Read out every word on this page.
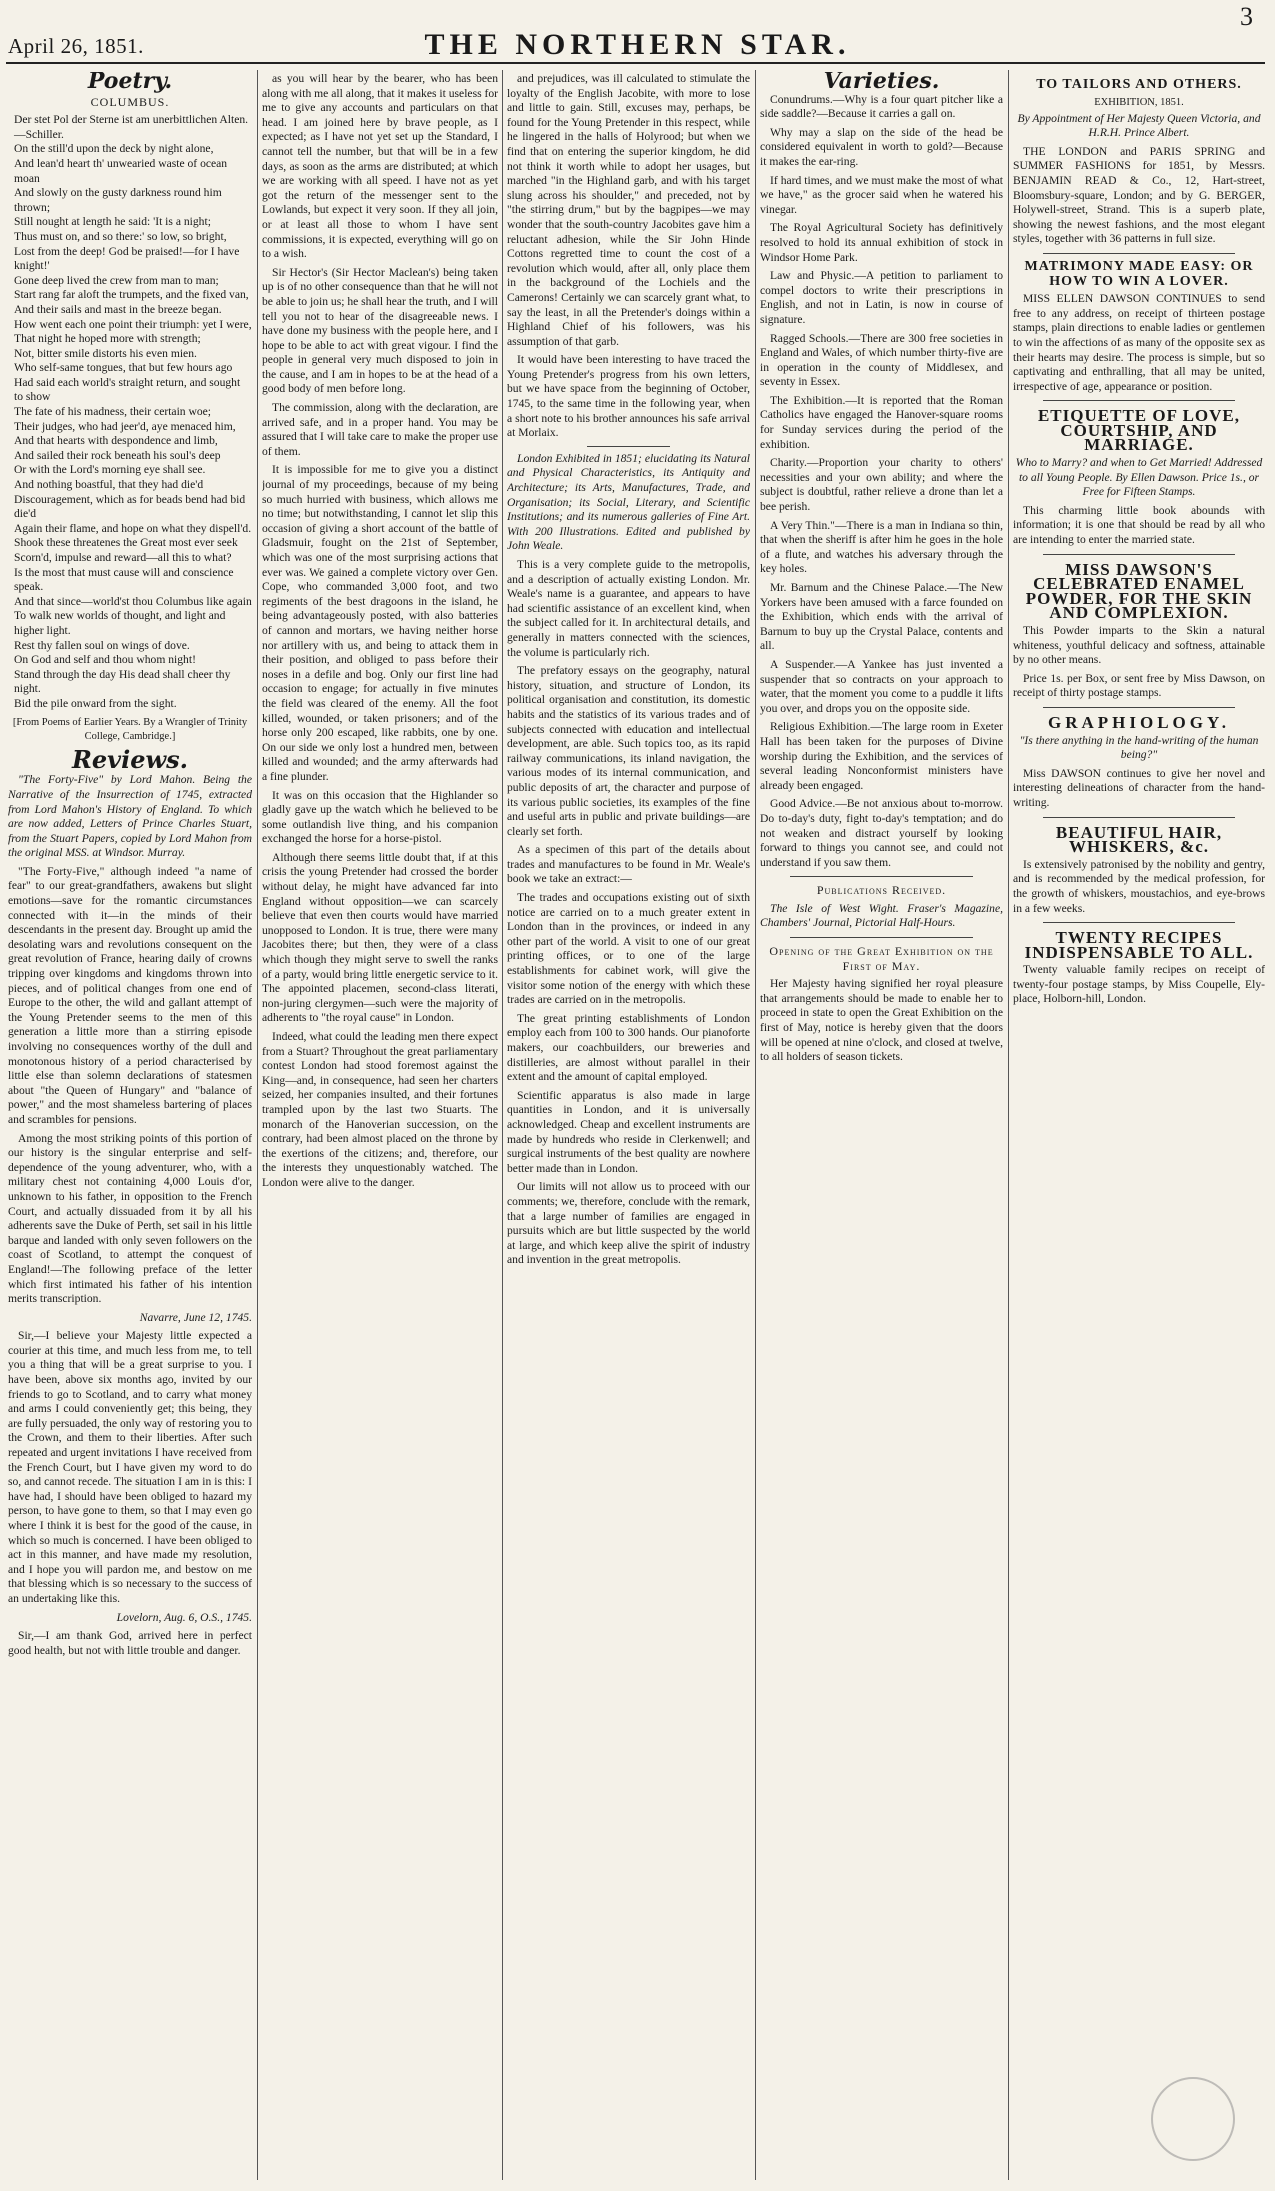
April 26, 1851.	THE NORTHERN STAR.
3
Poetry.
COLUMBUS.

Der stet Pol der Sterne ist am unerbittlichen Alten.—Schiller.

On the still'd upon the deck by night alone,

And lean'd heart th' unwearied waste of ocean moan

And slowly on the gusty darkness round him thrown;

Still nought at length he said: 'It is a night;

Thus must on, and so there:' so low, so bright,

Lost from the deep! God be praised!—for I have knight!'

Gone deep lived the crew from man to man;

Start rang far aloft the trumpets, and the fixed van,

And their sails and mast in the breeze began.

How went each one point their triumph: yet I were,

That night he hoped more with strength;

Not, bitter smile distorts his even mien.

Who self-same tongues, that but few hours ago

Had said each world's straight return, and sought to show

The fate of his madness, their certain woe;

Their judges, who had jeer'd, aye menaced him,

And that hearts with despondence and limb,

And sailed their rock beneath his soul's deep

Or with the Lord's morning eye shall see.

And nothing boastful, that they had die'd

Discouragement, which as for beads bend had bid die'd

Again their flame, and hope on what they dispell'd.

Shook these threatenes the Great most ever seek

Scorn'd, impulse and reward—all this to what?

Is the most that must cause will and conscience speak.

And that since—world'st thou Columbus like again

To walk new worlds of thought, and light and higher light.

Rest thy fallen soul on wings of dove.

On God and self and thou whom night!

Stand through the day His dead shall cheer thy night.

Bid the pile onward from the sight.

[From Poems of Earlier Years. By a Wrangler of Trinity College, Cambridge.]

Reviews.

"The Forty-Five" by Lord Mahon. Being the Narrative of the Insurrection of 1745, extracted from Lord Mahon's History of England. To which are now added, Letters of Prince Charles Stuart, from the Stuart Papers, copied by Lord Mahon from the original MSS. at Windsor. Murray.

"The Forty-Five," although indeed "a name of fear" to our great-grandfathers, awakens but slight emotions—save for the romantic circumstances connected with it—in the minds of their descendants in the present day. Brought up amid the desolating wars and revolutions consequent on the great revolution of France, hearing daily of crowns tripping over kingdoms and kingdoms thrown into pieces, and of political changes from one end of Europe to the other, the wild and gallant attempt of the Young Pretender seems to the men of this generation a little more than a stirring episode involving no consequences worthy of the dull and monotonous history of a period characterised by little else than solemn declarations of statesmen about "the Queen of Hungary" and "balance of power," and the most shameless bartering of places and scrambles for pensions.

Among the most striking points of this portion of our history is the singular enterprise and self-dependence of the young adventurer, who, with a military chest not containing 4,000 Louis d'or, unknown to his father, in opposition to the French Court, and actually dissuaded from it by all his adherents save the Duke of Perth, set sail in his little barque and landed with only seven followers on the coast of Scotland, to attempt the conquest of England!—The following preface of the letter which first intimated his father of his intention merits transcription.

Navarre, June 12, 1745.

Sir,—I believe your Majesty little expected a courier at this time, and much less from me, to tell you a thing that will be a great surprise to you. I have been, above six months ago, invited by our friends to go to Scotland, and to carry what money and arms I could conveniently get; this being, they are fully persuaded, the only way of restoring you to the Crown, and them to their liberties. After such repeated and urgent invitations I have received from the French Court, but I have given my word to do so, and cannot recede. The situation I am in is this: I have had, I should have been obliged to hazard my person, to have gone to them, so that I may even go where I think it is best for the good of the cause, in which so much is concerned. I have been obliged to act in this manner, and have made my resolution, and I hope you will pardon me, and bestow on me that blessing which is so necessary to the success of an undertaking like this.

Lovelorn, Aug. 6, O.S., 1745.

Sir,—I am thank God, arrived here in perfect good health, but not with little trouble and danger.

as you will hear by the bearer, who has been along with me all along, that it makes it useless for me to give any accounts and particulars on that head. I am joined here by brave people, as I expected; as I have not yet set up the Standard, I cannot tell the number, but that will be in a few days, as soon as the arms are distributed; at which we are working with all speed. I have not as yet got the return of the messenger sent to the Lowlands, but expect it very soon. If they all join, or at least all those to whom I have sent commissions, it is expected, everything will go on to a wish.

Sir Hector's (Sir Hector Maclean's) being taken up is of no other consequence than that he will not be able to join us; he shall hear the truth, and I will tell you not to hear of the disagreeable news. I have done my business with the people here, and I hope to be able to act with great vigour. I find the people in general very much disposed to join in the cause, and I am in hopes to be at the head of a good body of men before long.

The commission, along with the declaration, are arrived safe, and in a proper hand. You may be assured that I will take care to make the proper use of them.

It is impossible for me to give you a distinct journal of my proceedings, because of my being so much hurried with business, which allows me no time; but notwithstanding, I cannot let slip this occasion of giving a short account of the battle of Gladsmuir, fought on the 21st of September, which was one of the most surprising actions that ever was. We gained a complete victory over Gen. Cope, who commanded 3,000 foot, and two regiments of the best dragoons in the island, he being advantageously posted, with also batteries of cannon and mortars, we having neither horse nor artillery with us, and being to attack them in their position, and obliged to pass before their noses in a defile and bog. Only our first line had occasion to engage; for actually in five minutes the field was cleared of the enemy. All the foot killed, wounded, or taken prisoners; and of the horse only 200 escaped, like rabbits, one by one. On our side we only lost a hundred men, between killed and wounded; and the army afterwards had a fine plunder.

It was on this occasion that the Highlander so gladly gave up the watch which he believed to be some outlandish live thing, and his companion exchanged the horse for a horse-pistol.

Although there seems little doubt that, if at this crisis the young Pretender had crossed the border without delay, he might have advanced far into England without opposition—we can scarcely believe that even then courts would have married unopposed to London. It is true, there were many Jacobites there; but then, they were of a class which though they might serve to swell the ranks of a party, would bring little energetic service to it. The appointed placemen, second-class literati, non-juring clergymen—such were the majority of adherents to "the royal cause" in London.

Indeed, what could the leading men there expect from a Stuart? Throughout the great parliamentary contest London had stood foremost against the King—and, in consequence, had seen her charters seized, her companies insulted, and their fortunes trampled upon by the last two Stuarts. The monarch of the Hanoverian succession, on the contrary, had been almost placed on the throne by the exertions of the citizens; and, therefore, our the interests they unquestionably watched. The London were alive to the danger.

and prejudices, was ill calculated to stimulate the loyalty of the English Jacobite, with more to lose and little to gain. Still, excuses may, perhaps, be found for the Young Pretender in this respect, while he lingered in the halls of Holyrood; but when we find that on entering the superior kingdom, he did not think it worth while to adopt her usages, but marched "in the Highland garb, and with his target slung across his shoulder," and preceded, not by "the stirring drum," but by the bagpipes—we may wonder that the south-country Jacobites gave him a reluctant adhesion, while the Sir John Hinde Cottons regretted time to count the cost of a revolution which would, after all, only place them in the background of the Lochiels and the Camerons! Certainly we can scarcely grant what, to say the least, in all the Pretender's doings within a Highland Chief of his followers, was his assumption of that garb.

It would have been interesting to have traced the Young Pretender's progress from his own letters, but we have space from the beginning of October, 1745, to the same time in the following year, when a short note to his brother announces his safe arrival at Morlaix.

London Exhibited in 1851; elucidating its Natural and Physical Characteristics, its Antiquity and Architecture; its Arts, Manufactures, Trade, and Organisation; its Social, Literary, and Scientific Institutions; and its numerous galleries of Fine Art. With 200 Illustrations. Edited and published by John Weale.

This is a very complete guide to the metropolis, and a description of actually existing London. Mr. Weale's name is a guarantee, and appears to have had scientific assistance of an excellent kind, when the subject called for it. In architectural details, and generally in matters connected with the sciences, the volume is particularly rich.

The prefatory essays on the geography, natural history, situation, and structure of London, its political organisation and constitution, its domestic habits and the statistics of its various trades and of subjects connected with education and intellectual development, are able. Such topics too, as its rapid railway communications, its inland navigation, the various modes of its internal communication, and public deposits of art, the character and purpose of its various public societies, its examples of the fine and useful arts in public and private buildings—are clearly set forth.

As a specimen of this part of the details about trades and manufactures to be found in Mr. Weale's book we take an extract:—

The trades and occupations existing out of sixth notice are carried on to a much greater extent in London than in the provinces, or indeed in any other part of the world. A visit to one of our great printing offices, or to one of the large establishments for cabinet work, will give the visitor some notion of the energy with which these trades are carried on in the metropolis.

The great printing establishments of London employ each from 100 to 300 hands. Our pianoforte makers, our coachbuilders, our breweries and distilleries, are almost without parallel in their extent and the amount of capital employed.

Scientific apparatus is also made in large quantities in London, and it is universally acknowledged. Cheap and excellent instruments are made by hundreds who reside in Clerkenwell; and surgical instruments of the best quality are nowhere better made than in London.

Our limits will not allow us to proceed with our comments; we, therefore, conclude with the remark, that a large number of families are engaged in pursuits which are but little suspected by the world at large, and which keep alive the spirit of industry and invention in the great metropolis.

Varieties.

Conundrums.—Why is a four quart pitcher like a side saddle?—Because it carries a gall on.

Why may a slap on the side of the head be considered equivalent in worth to gold?—Because it makes the ear-ring.

If hard times, and we must make the most of what we have," as the grocer said when he watered his vinegar.

The Royal Agricultural Society has definitively resolved to hold its annual exhibition of stock in Windsor Home Park.

Law and Physic.—A petition to parliament to compel doctors to write their prescriptions in English, and not in Latin, is now in course of signature.

Ragged Schools.—There are 300 free societies in England and Wales, of which number thirty-five are in operation in the county of Middlesex, and seventy in Essex.

The Exhibition.—It is reported that the Roman Catholics have engaged the Hanover-square rooms for Sunday services during the period of the exhibition.

Charity.—Proportion your charity to others' necessities and your own ability; and where the subject is doubtful, rather relieve a drone than let a bee perish.

A Very Thin."—There is a man in Indiana so thin, that when the sheriff is after him he goes in the hole of a flute, and watches his adversary through the key holes.

Mr. Barnum and the Chinese Palace.—The New Yorkers have been amused with a farce founded on the Exhibition, which ends with the arrival of Barnum to buy up the Crystal Palace, contents and all.

A Suspender.—A Yankee has just invented a suspender that so contracts on your approach to water, that the moment you come to a puddle it lifts you over, and drops you on the opposite side.

Religious Exhibition.—The large room in Exeter Hall has been taken for the purposes of Divine worship during the Exhibition, and the services of several leading Nonconformist ministers have already been engaged.

Good Advice.—Be not anxious about to-morrow. Do to-day's duty, fight to-day's temptation; and do not weaken and distract yourself by looking forward to things you cannot see, and could not understand if you saw them.

Publications Received.

The Isle of West Wight. Fraser's Magazine, Chambers' Journal, Pictorial Half-Hours.

Opening of the Great Exhibition on the First of May.

Her Majesty having signified her royal pleasure that arrangements should be made to enable her to proceed in state to open the Great Exhibition on the first of May, notice is hereby given that the doors will be opened at nine o'clock, and closed at twelve, to all holders of season tickets.

TO TAILORS AND OTHERS.
EXHIBITION, 1851.

By Appointment of Her Majesty Queen Victoria, and H.R.H. Prince Albert.

THE LONDON and PARIS SPRING and SUMMER FASHIONS for 1851, by Messrs. BENJAMIN READ & Co., 12, Hart-street, Bloomsbury-square, London; and by G. BERGER, Holywell-street, Strand. This is a superb plate, showing the newest fashions, and the most elegant styles, together with 36 patterns in full size.

MATRIMONY MADE EASY: OR HOW TO WIN A LOVER.

MISS ELLEN DAWSON CONTINUES to send free to any address, on receipt of thirteen postage stamps, plain directions to enable ladies or gentlemen to win the affections of as many of the opposite sex as their hearts may desire. The process is simple, but so captivating and enthralling, that all may be united, irrespective of age, appearance or position.

ETIQUETTE OF LOVE, COURTSHIP, AND MARRIAGE.

Who to Marry? and when to Get Married! Addressed to all Young People. By Ellen Dawson. Price 1s., or Free for Fifteen Stamps.

This charming little book abounds with information; it is one that should be read by all who are intending to enter the married state.

MISS DAWSON'S CELEBRATED ENAMEL POWDER, FOR THE SKIN AND COMPLEXION.

This Powder imparts to the Skin a natural whiteness, youthful delicacy and softness, attainable by no other means.

Price 1s. per Box, or sent free by Miss Dawson, on receipt of thirty postage stamps.

GRAPHIOLOGY.

"Is there anything in the hand-writing of the human being?"

Miss DAWSON continues to give her novel and interesting delineations of character from the hand-writing.

BEAUTIFUL HAIR, WHISKERS, &c.

Is extensively patronised by the nobility and gentry, and is recommended by the medical profession, for the growth of whiskers, moustachios, and eye-brows in a few weeks.

TWENTY RECIPES INDISPENSABLE TO ALL.

Twenty valuable family recipes on receipt of twenty-four postage stamps, by Miss Coupelle, Ely-place, Holborn-hill, London.
